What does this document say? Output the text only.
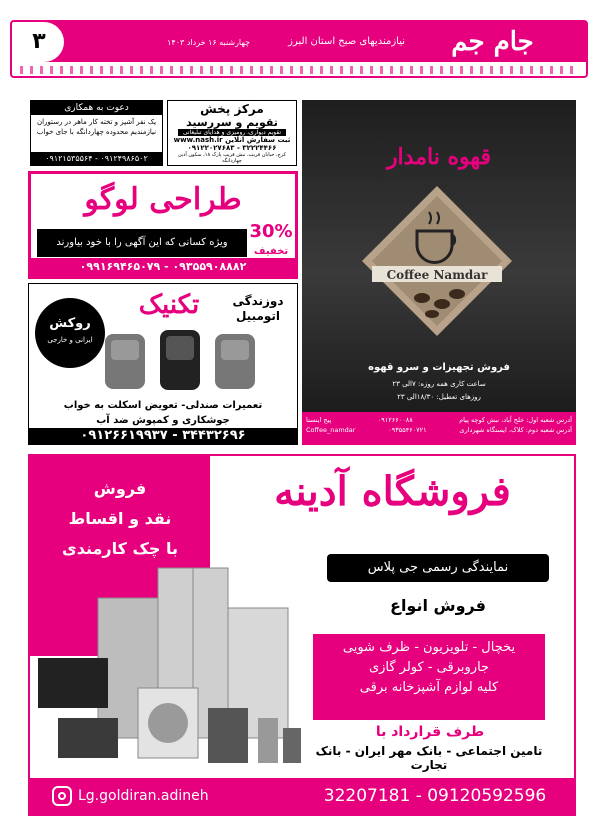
۳	چهارشنبه ۱۶ خرداد ۱۴۰۳	نیازمندیهای صبح استان البرز	جام جم
دعوت به همکاری
یک نفر آشپز و تخته کار ماهر در رستوران نیازمندیم محدوده چهاردانگه با جای خواب
۰۹۱۲۱۵۳۵۵۶۴ - ۰۹۱۲۴۹۸۶۵۰۲
مرکز پخش
تقویم و سررسید
تقویم دیواری، رومیزی و هدایای تبلیغاتی
www.nash.ir ثبت سفارش آنلاین
۰۹۱۲۲۰۲۷۶۸۳ - ۳۲۲۲۴۴۶۶
کرج، خیابان قریب، نبش قریب پارک ۱۸، سکون آذین چهاردانگه
طراحی لوگو
ویژه کسانی که این آگهی را با خود بیاورند
30%
تخفیف
۰۹۹۱۶۹۴۶۵۰۷۹ - ۰۹۳۵۵۹۰۸۸۸۲
روکش
ایرانی و خارجی
تکنیک	دوزندگی اتومبیل
تعمیرات صندلی- تعویض اسکلت به خواب
جوشکاری و کمپوش ضد آب
۰۹۱۲۶۶۱۹۹۳۷ - ۳۴۴۳۲۶۹۶
قهوه نامدار
Coffee Namdar
فروش تجهیزات و سرو قهوه
ساعت کاری همه روزه: ۷الی ۲۳
روزهای تعطیل: ۱۸/۳۰الی ۲۳
پیج اینستا	۰۹۱۲۶۶۰۰۸۸	آدرس شعبه اول: خلج آباد، نبش کوچه پیام
Coffee_namdar	۰۹۳۵۵۴۶۰۷۲۱	آدرس شعبه دوم: کلاک، ایستگاه شهرداری
فروش
نقد و اقساط
با چک کارمندی
فروشگاه آدینه
نمایندگی رسمی جی پلاس
فروش انواع
یخچال - تلویزیون - ظرف شویی
جاروبرقی - کولر گازی
کلیه لوازم آشپزخانه برقی
طرف قرارداد با
تامین اجتماعی - بانک مهر ایران - بانک تجارت
Lg.goldiran.adineh	32207181 - 09120592596
